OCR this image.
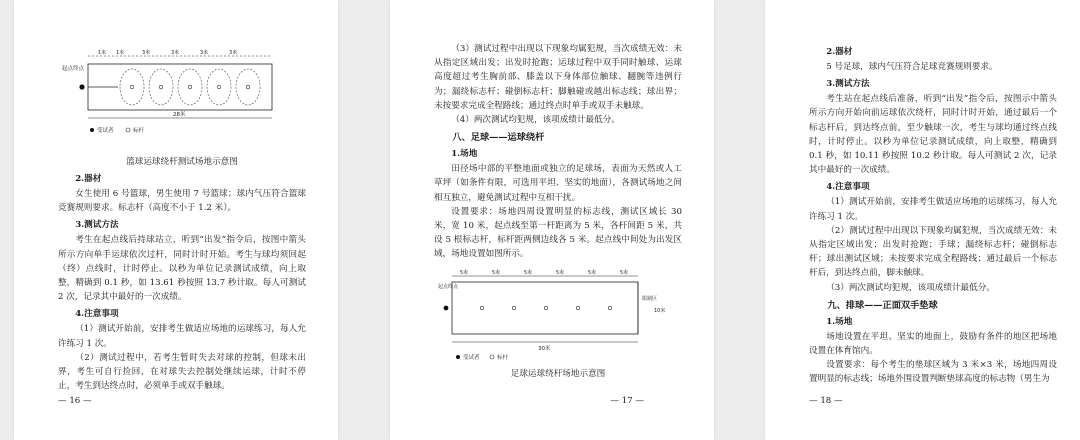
起点终点
1米 1米	3米	3米	3米	3米
28米
受试者	标杆
篮球运球绕杆测试场地示意图
2.器材

女生使用 6 号篮球，男生使用 7 号篮球；球内气压符合篮球竞赛规则要求。标志杆（高度不小于 1.2 米）。

3.测试方法

考生在起点线后持球站立，听到“出发”指令后，按图中箭头所示方向单手运球依次过杆，同时计时开始。考生与球均须回起（终）点线时，计时停止。以秒为单位记录测试成绩，向上取整，精确到 0.1 秒，如 13.61 秒按照 13.7 秒计取。每人可测试 2 次，记录其中最好的一次成绩。

4.注意事项

（1）测试开始前，安排考生做适应场地的运球练习，每人允许练习 1 次。

（2）测试过程中，若考生暂时失去对球的控制，但球未出界，考生可自行捡回，在对球失去控制处继续运球，计时不停止，考生到达终点时，必须单手或双手触球。

— 16 —

（3）测试过程中出现以下现象均属犯规，当次成绩无效：未从指定区域出发；出发时抢跑；运球过程中双手同时触球、运球高度超过考生胸前部、膝盖以下身体部位触球、翻腕等违例行为；漏绕标志杆；碰倒标志杆；脚触碰或越出标志线；球出界；未按要求完成全程路线；通过终点时单手或双手未触球。

（4）两次测试均犯规，该项成绩计最低分。

八、足球——运球绕杆
1.场地

田径场中部的平整地面或独立的足球场，表面为天然或人工草坪（如条件有限，可选用平坦、坚实的地面），各测试场地之间相互独立，避免测试过程中互相干扰。

设置要求：场地四周设置明显的标志线，测试区域长 30 米，宽 10 米，起点线至第一杆距离为 5 米，各杆间距 5 米，共设 5 根标志杆，标杆距两侧边线各 5 米。起点线中间处为出发区域，场地设置如图所示。

起点终点
5米	5米	5米	5米	5米	5米
限制区
10米
30米
受试者	标杆
足球运球绕杆场地示意图
— 17 —
2.器材

5 号足球，球内气压符合足球竞赛规则要求。

3.测试方法

考生站在起点线后准备，听到“出发”指令后，按图示中箭头所示方向开始向前运球依次绕杆，同时计时开始，通过最后一个标志杆后，到达终点前，至少触球一次，考生与球均通过终点线时，计时停止。以秒为单位记录测试成绩，向上取整，精确到 0.1 秒，如 10.11 秒按照 10.2 秒计取。每人可测试 2 次，记录其中最好的一次成绩。

4.注意事项

（1）测试开始前，安排考生做适应场地的运球练习，每人允许练习 1 次。

（2）测试过程中出现以下现象均属犯规，当次成绩无效：未从指定区域出发；出发时抢跑；手球；漏绕标志杆；碰倒标志杆；球出测试区域；未按要求完成全程路线；通过最后一个标志杆后，到达终点前，脚未触球。

（3）两次测试均犯规，该项成绩计最低分。

九、排球——正面双手垫球
1.场地

场地设置在平坦、坚实的地面上，鼓励有条件的地区把场地设置在体育馆内。

设置要求：每个考生的垫球区域为 3 米×3 米，场地四周设置明显的标志线；场地外围设置判断垫球高度的标志物（男生为

— 18 —
